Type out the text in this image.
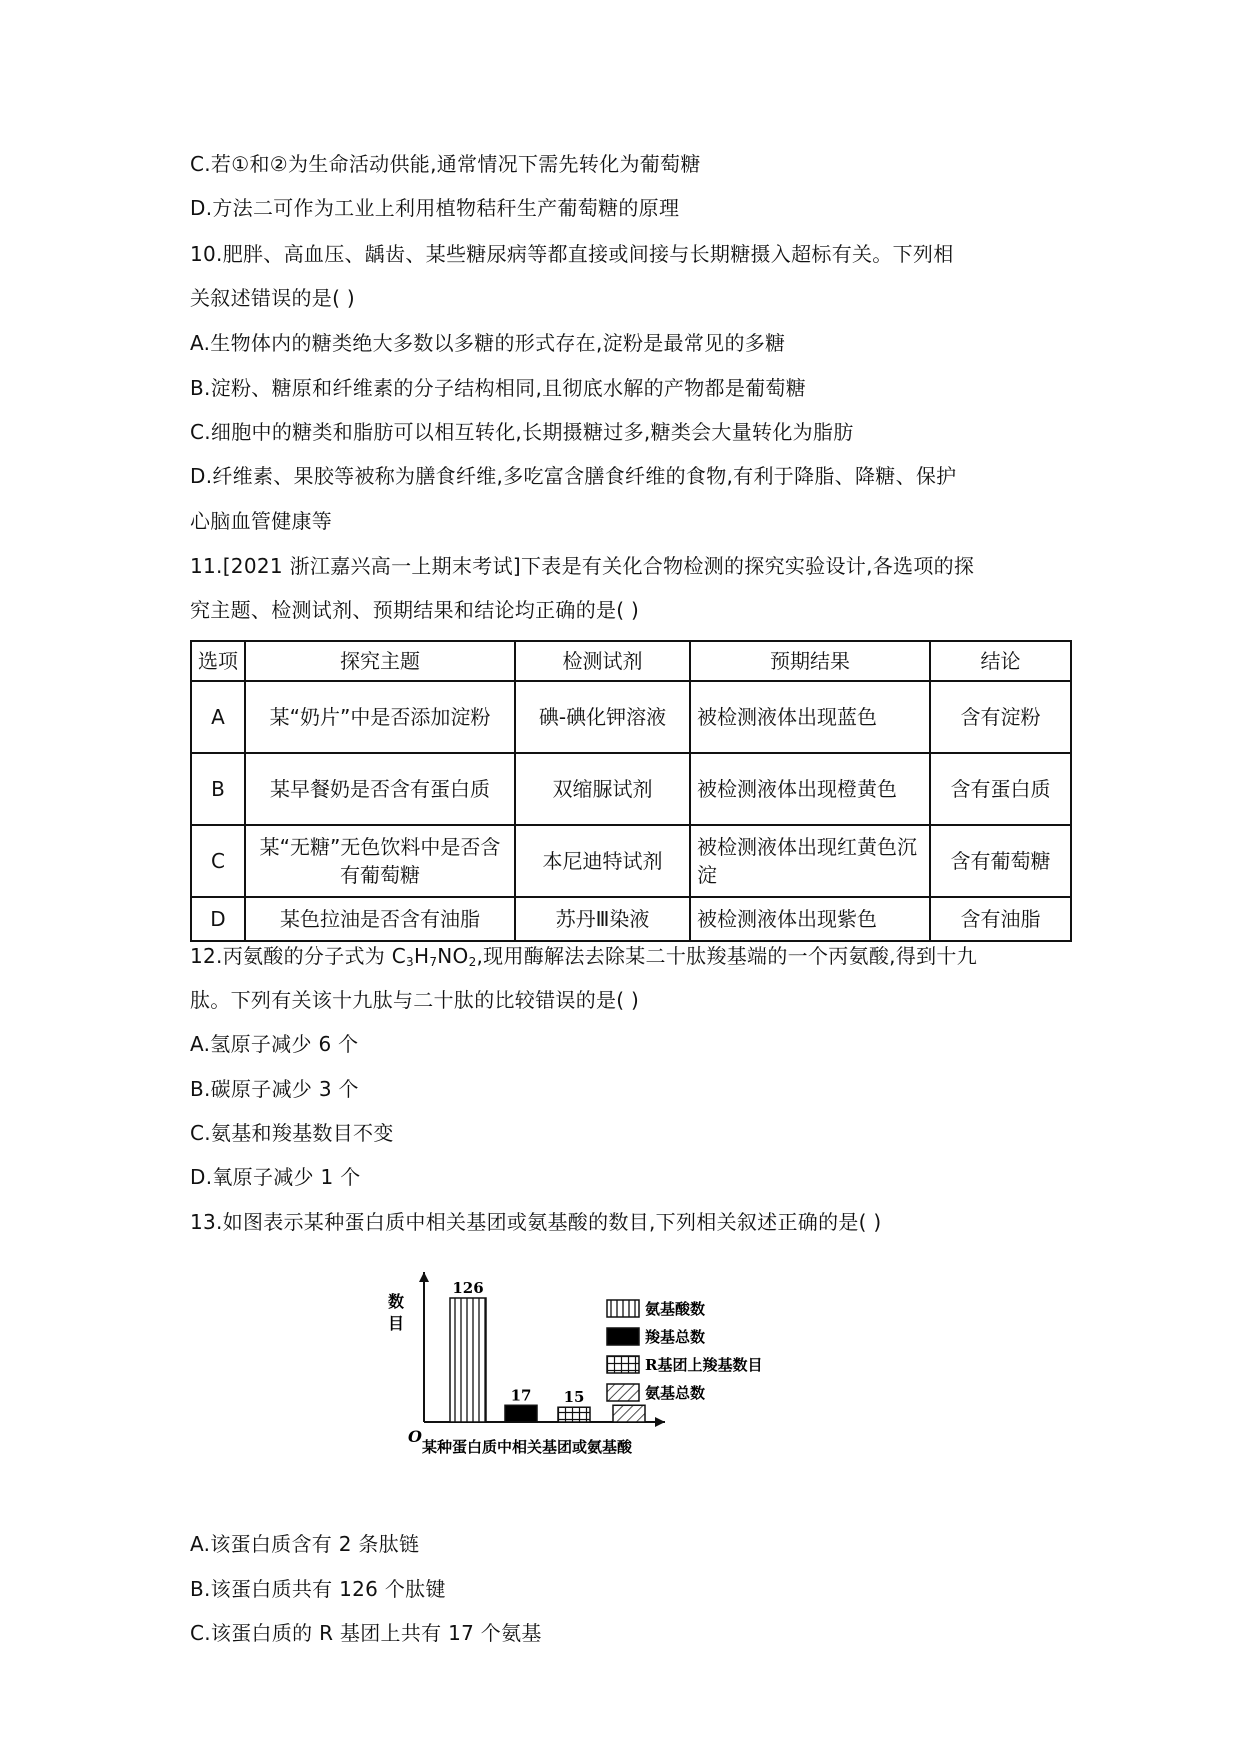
C.若①和②为生命活动供能,通常情况下需先转化为葡萄糖
D.方法二可作为工业上利用植物秸秆生产葡萄糖的原理
10.肥胖、高血压、龋齿、某些糖尿病等都直接或间接与长期糖摄入超标有关。下列相
关叙述错误的是( )
A.生物体内的糖类绝大多数以多糖的形式存在,淀粉是最常见的多糖
B.淀粉、糖原和纤维素的分子结构相同,且彻底水解的产物都是葡萄糖
C.细胞中的糖类和脂肪可以相互转化,长期摄糖过多,糖类会大量转化为脂肪
D.纤维素、果胶等被称为膳食纤维,多吃富含膳食纤维的食物,有利于降脂、降糖、保护
心脑血管健康等
11.[2021 浙江嘉兴高一上期末考试]下表是有关化合物检测的探究实验设计,各选项的探
究主题、检测试剂、预期结果和结论均正确的是( )
选项	探究主题	检测试剂	预期结果	结论
A	某“奶片”中是否添加淀粉	碘-碘化钾溶液	被检测液体出现蓝色	含有淀粉
B	某早餐奶是否含有蛋白质	双缩脲试剂	被检测液体出现橙黄色	含有蛋白质
C	某“无糖”无色饮料中是否含有葡萄糖	本尼迪特试剂	被检测液体出现红黄色沉淀	含有葡萄糖
D	某色拉油是否含有油脂	苏丹Ⅲ染液	被检测液体出现紫色	含有油脂
12.丙氨酸的分子式为 $C_3H_7NO_2$,现用酶解法去除某二十肽羧基端的一个丙氨酸,得到十九
肽。下列有关该十九肽与二十肽的比较错误的是( )
A.氢原子减少 6 个
B.碳原子减少 3 个
C.氨基和羧基数目不变
D.氧原子减少 1 个
13.如图表示某种蛋白质中相关基团或氨基酸的数目,下列相关叙述正确的是( )
数
目
O
某种蛋白质中相关基团或氨基酸
126
17 15
氨基酸数
羧基总数
R基团上羧基数目
氨基总数
A.该蛋白质含有 2 条肽链
B.该蛋白质共有 126 个肽键
C.该蛋白质的 R 基团上共有 17 个氨基
